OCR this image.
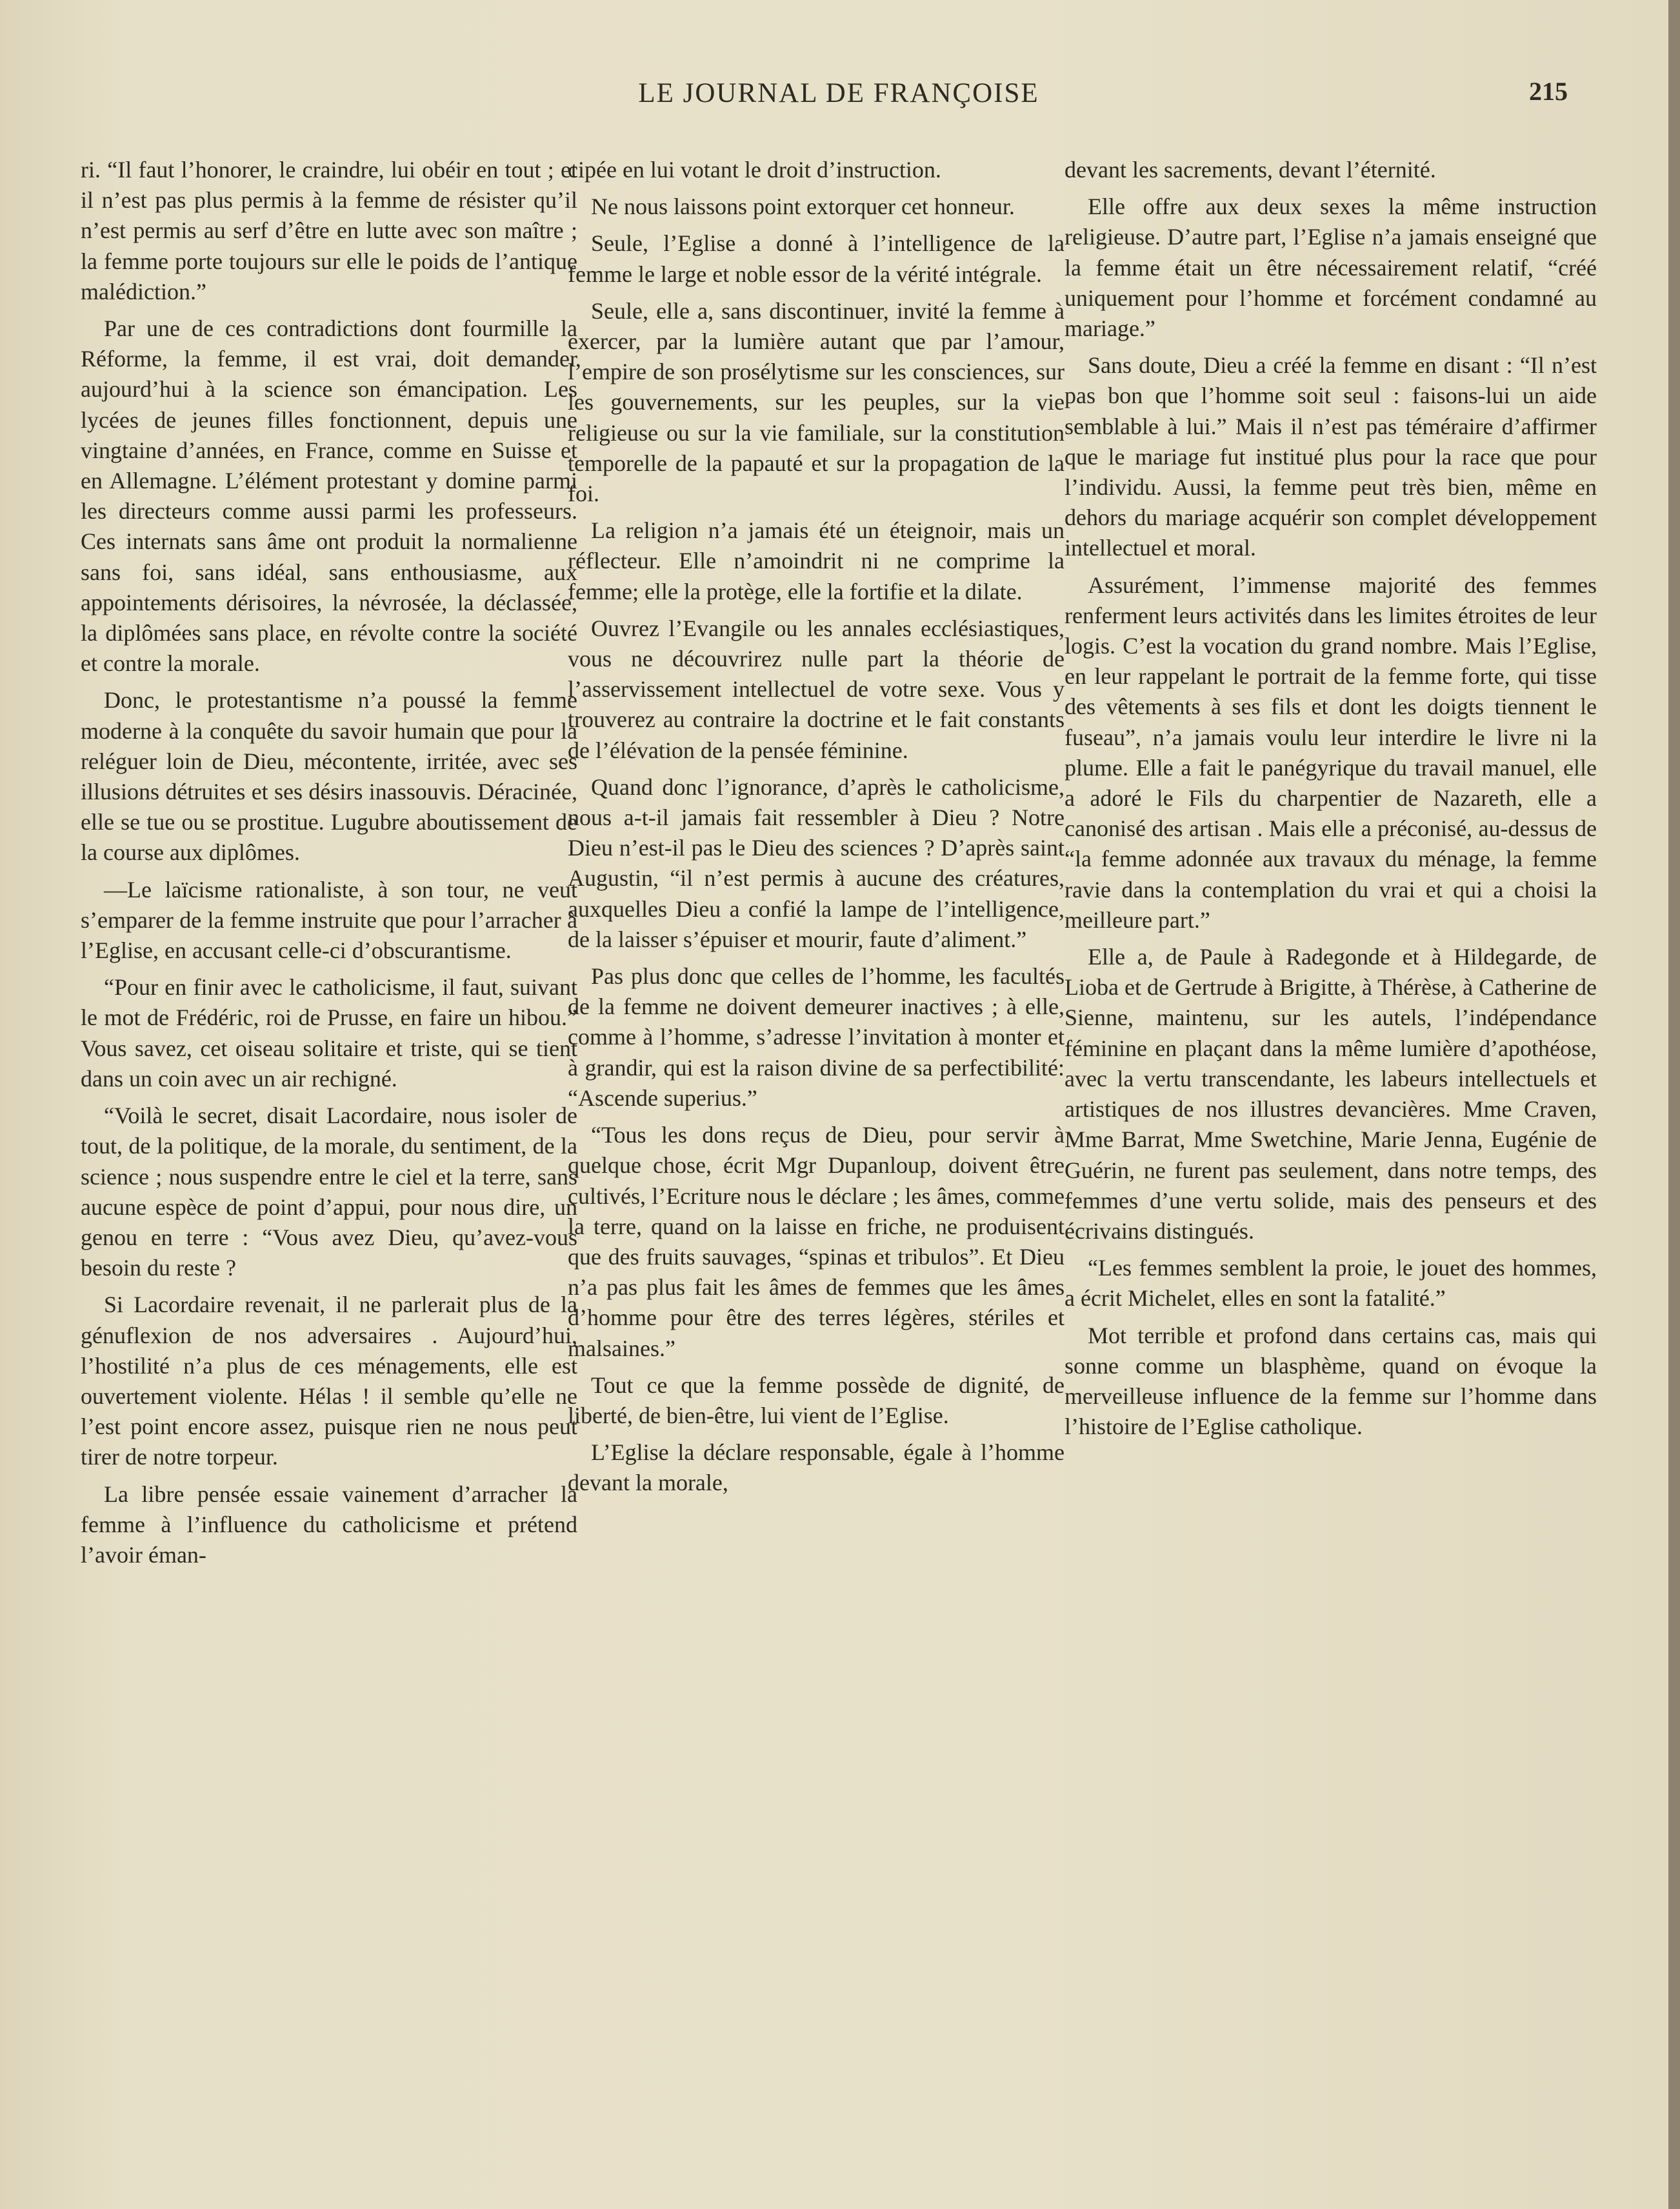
LE JOURNAL DE FRANÇOISE	215

ri. “Il faut l’honorer, le craindre, lui obéir en tout ; et il n’est pas plus permis à la femme de résister qu’il n’est permis au serf d’être en lutte avec son maître ; la femme porte toujours sur elle le poids de l’antique malédiction.”

Par une de ces contradictions dont fourmille la Réforme, la femme, il est vrai, doit demander aujourd’hui à la science son émancipation. Les lycées de jeunes filles fonctionnent, depuis une vingtaine d’années, en France, comme en Suisse et en Allemagne. L’élément protestant y domine parmi les directeurs comme aussi parmi les professeurs. Ces internats sans âme ont produit la normalienne sans foi, sans idéal, sans enthousiasme, aux appointements dérisoires, la névrosée, la déclassée, la diplômées sans place, en révolte contre la société et contre la morale.

Donc, le protestantisme n’a poussé la femme moderne à la conquête du savoir humain que pour la reléguer loin de Dieu, mécontente, irritée, avec ses illusions détruites et ses désirs inassouvis. Déracinée, elle se tue ou se prostitue. Lugubre aboutissement de la course aux diplômes.

—Le laïcisme rationaliste, à son tour, ne veut s’emparer de la femme instruite que pour l’arracher à l’Eglise, en accusant celle-ci d’obscurantisme.

“Pour en finir avec le catholicisme, il faut, suivant le mot de Frédéric, roi de Prusse, en faire un hibou.” Vous savez, cet oiseau solitaire et triste, qui se tient dans un coin avec un air rechigné.

“Voilà le secret, disait Lacordaire, nous isoler de tout, de la politique, de la morale, du sentiment, de la science ; nous suspendre entre le ciel et la terre, sans aucune espèce de point d’appui, pour nous dire, un genou en terre : “Vous avez Dieu, qu’avez-vous besoin du reste ?

Si Lacordaire revenait, il ne parlerait plus de la génuflexion de nos adversaires . Aujourd’hui, l’hostilité n’a plus de ces ménagements, elle est ouvertement violente. Hélas ! il semble qu’elle ne l’est point encore assez, puisque rien ne nous peut tirer de notre torpeur.

La libre pensée essaie vainement d’arracher la femme à l’influence du catholicisme et prétend l’avoir éman-

cipée en lui votant le droit d’instruction.

Ne nous laissons point extorquer cet honneur.

Seule, l’Eglise a donné à l’intelligence de la femme le large et noble essor de la vérité intégrale.

Seule, elle a, sans discontinuer, invité la femme à exercer, par la lumière autant que par l’amour, l’empire de son prosélytisme sur les consciences, sur les gouvernements, sur les peuples, sur la vie religieuse ou sur la vie familiale, sur la constitution temporelle de la papauté et sur la propagation de la foi.

La religion n’a jamais été un éteignoir, mais un réflecteur. Elle n’amoindrit ni ne comprime la femme; elle la protège, elle la fortifie et la dilate.

Ouvrez l’Evangile ou les annales ecclésiastiques, vous ne découvrirez nulle part la théorie de l’asservissement intellectuel de votre sexe. Vous y trouverez au contraire la doctrine et le fait constants de l’élévation de la pensée féminine.

Quand donc l’ignorance, d’après le catholicisme, nous a-t-il jamais fait ressembler à Dieu ? Notre Dieu n’est-il pas le Dieu des sciences ? D’après saint Augustin, “il n’est permis à aucune des créatures, auxquelles Dieu a confié la lampe de l’intelligence, de la laisser s’épuiser et mourir, faute d’aliment.”

Pas plus donc que celles de l’homme, les facultés de la femme ne doivent demeurer inactives ; à elle, comme à l’homme, s’adresse l’invitation à monter et à grandir, qui est la raison divine de sa perfectibilité: “Ascende superius.”

“Tous les dons reçus de Dieu, pour servir à quelque chose, écrit Mgr Dupanloup, doivent être cultivés, l’Ecriture nous le déclare ; les âmes, comme la terre, quand on la laisse en friche, ne produisent que des fruits sauvages, “spinas et tribulos”. Et Dieu n’a pas plus fait les âmes de femmes que les âmes d’homme pour être des terres légères, stériles et malsaines.”

Tout ce que la femme possède de dignité, de liberté, de bien-être, lui vient de l’Eglise.

L’Eglise la déclare responsable, égale à l’homme devant la morale,

devant les sacrements, devant l’éternité.

Elle offre aux deux sexes la même instruction religieuse. D’autre part, l’Eglise n’a jamais enseigné que la femme était un être nécessairement relatif, “créé uniquement pour l’homme et forcément condamné au mariage.”

Sans doute, Dieu a créé la femme en disant : “Il n’est pas bon que l’homme soit seul : faisons-lui un aide semblable à lui.” Mais il n’est pas téméraire d’affirmer que le mariage fut institué plus pour la race que pour l’individu. Aussi, la femme peut très bien, même en dehors du mariage acquérir son complet développement intellectuel et moral.

Assurément, l’immense majorité des femmes renferment leurs activités dans les limites étroites de leur logis. C’est la vocation du grand nombre. Mais l’Eglise, en leur rappelant le portrait de la femme forte, qui tisse des vêtements à ses fils et dont les doigts tiennent le fuseau”, n’a jamais voulu leur interdire le livre ni la plume. Elle a fait le panégyrique du travail manuel, elle a adoré le Fils du charpentier de Nazareth, elle a canonisé des artisan . Mais elle a préconisé, au-dessus de “la femme adonnée aux travaux du ménage, la femme ravie dans la contemplation du vrai et qui a choisi la meilleure part.”

Elle a, de Paule à Radegonde et à Hildegarde, de Lioba et de Gertrude à Brigitte, à Thérèse, à Catherine de Sienne, maintenu, sur les autels, l’indépendance féminine en plaçant dans la même lumière d’apothéose, avec la vertu transcendante, les labeurs intellectuels et artistiques de nos illustres devancières. Mme Craven, Mme Barrat, Mme Swetchine, Marie Jenna, Eugénie de Guérin, ne furent pas seulement, dans notre temps, des femmes d’une vertu solide, mais des penseurs et des écrivains distingués.

“Les femmes semblent la proie, le jouet des hommes, a écrit Michelet, elles en sont la fatalité.”

Mot terrible et profond dans certains cas, mais qui sonne comme un blasphème, quand on évoque la merveilleuse influence de la femme sur l’homme dans l’histoire de l’Eglise catholique.
